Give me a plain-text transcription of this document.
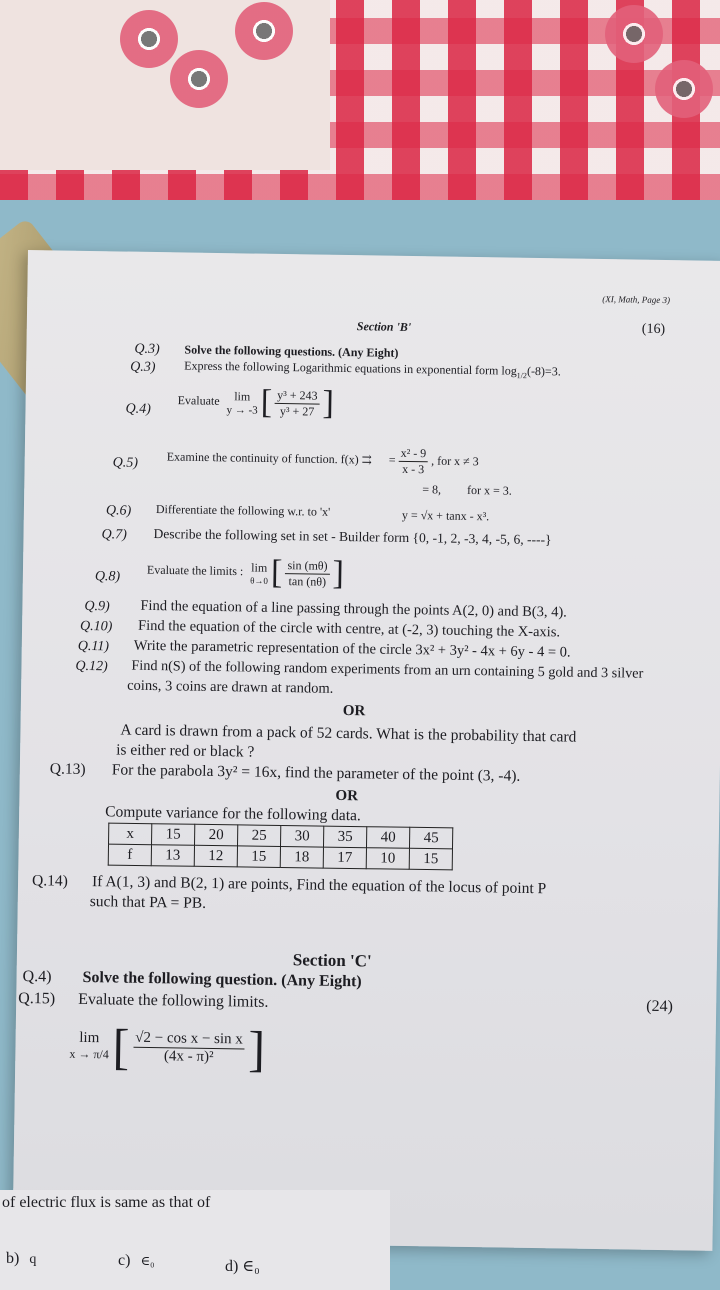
(XI, Math, Page 3)
Section 'B'	(16)
Q.3) Solve the following questions. (Any Eight)
Q.3) Express the following Logarithmic equations in exponential form $\log_{1/2}(-8)=3$.
Q.4)
Evaluate	lim
y → -3 [ $\frac{\text{y³ + 243}}{\text{y³ + 27}}$ ]
Q.5) Examine the continuity of function. f(x) ⇉ = $\frac{\text{x² - 9}}{x - 3}$ , for x ≠ 3
= 8, for x = 3.
Q.6) Differentiate the following w.r. to 'x'	y = √x + tanx - x³.
Q.7) Describe the following set in set - Builder form {0, -1, 2, -3, 4, -5, 6, ----}
Q.8) Evaluate the limits : lim
θ→0 [ $\frac{\sin (m\theta)}{\tan (n\theta)}$ ]
Q.9) Find the equation of a line passing through the points A(2, 0) and B(3, 4).
Q.10) Find the equation of the circle with centre, at (-2, 3) touching the X-axis.
Q.11) Write the parametric representation of the circle 3x² + 3y² - 4x + 6y - 4 = 0.
Q.12) Find n(S) of the following random experiments from an urn containing 5 gold and 3 silver
coins, 3 coins are drawn at random.
OR
A card is drawn from a pack of 52 cards. What is the probability that card
is either red or black ?
Q.13) For the parabola 3y² = 16x, find the parameter of the point (3, -4).
OR
Compute variance for the following data.
Q.14) If A(1, 3) and B(2, 1) are points, Find the equation of the locus of point P
such that PA = PB.
Section 'C'
Q.4) Solve the following question. (Any Eight)
Q.15) Evaluate the following limits.	(24)
lim
x → π/4 [ $\frac{\text{√2 − cos x − sin x}}{\text{(4x - π)²}}$ ]
x	15	20	25	30	35	40	45
f	13	12	15	18	17	10	15
of electric flux is same as that of
b) q	c) ∈₀	d) ∈₀
